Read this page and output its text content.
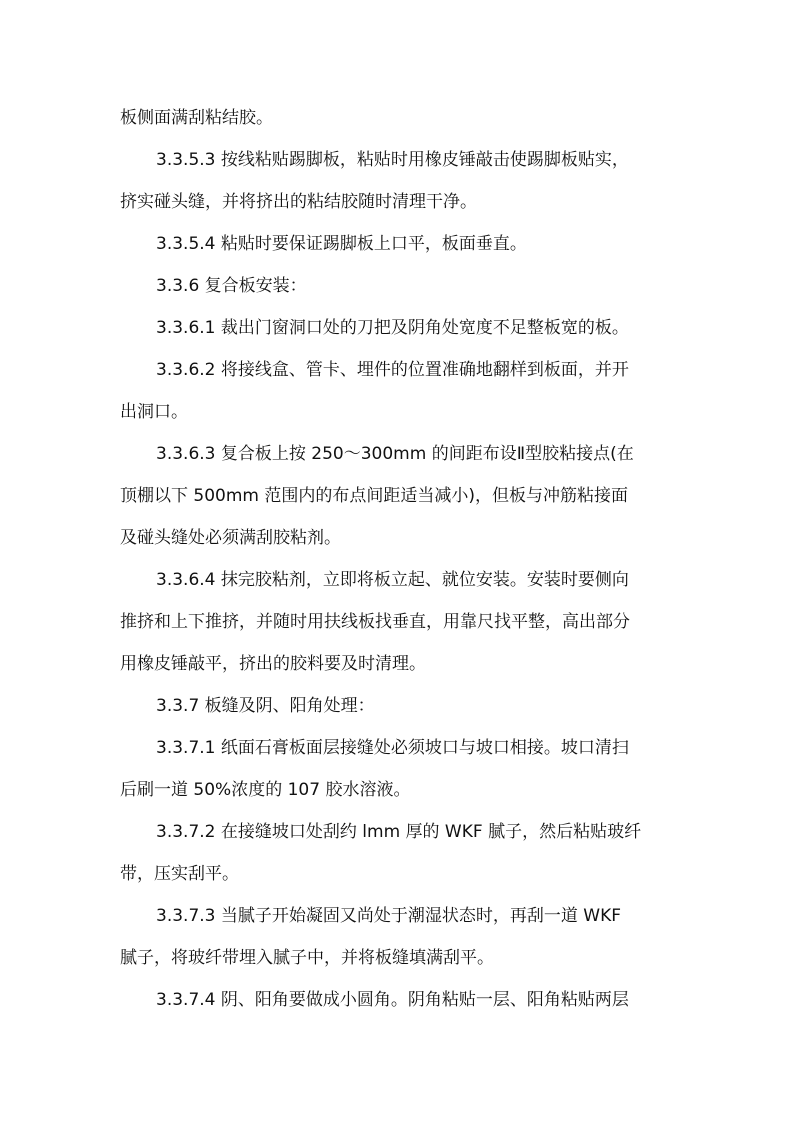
板侧面满刮粘结胶。
3.3.5.3 按线粘贴踢脚板，粘贴时用橡皮锤敲击使踢脚板贴实，
挤实碰头缝，并将挤出的粘结胶随时清理干净。
3.3.5.4 粘贴时要保证踢脚板上口平，板面垂直。
3.3.6 复合板安装：
3.3.6.1 裁出门窗洞口处的刀把及阴角处宽度不足整板宽的板。
3.3.6.2 将接线盒、管卡、埋件的位置准确地翻样到板面，并开
出洞口。
3.3.6.3 复合板上按 250～300mm 的间距布设Ⅱ型胶粘接点(在
顶棚以下 500mm 范围内的布点间距适当减小)，但板与冲筋粘接面
及碰头缝处必须满刮胶粘剂。
3.3.6.4 抹完胶粘剂，立即将板立起、就位安装。安装时要侧向
推挤和上下推挤，并随时用扶线板找垂直，用靠尺找平整，高出部分
用橡皮锤敲平，挤出的胶料要及时清理。
3.3.7 板缝及阴、阳角处理：
3.3.7.1 纸面石膏板面层接缝处必须坡口与坡口相接。坡口清扫
后刷一道 50%浓度的 107 胶水溶液。
3.3.7.2 在接缝坡口处刮约 lmm 厚的 WKF 腻子，然后粘贴玻纤
带，压实刮平。
3.3.7.3 当腻子开始凝固又尚处于潮湿状态时，再刮一道 WKF
腻子，将玻纤带埋入腻子中，并将板缝填满刮平。
3.3.7.4 阴、阳角要做成小圆角。阴角粘贴一层、阳角粘贴两层
